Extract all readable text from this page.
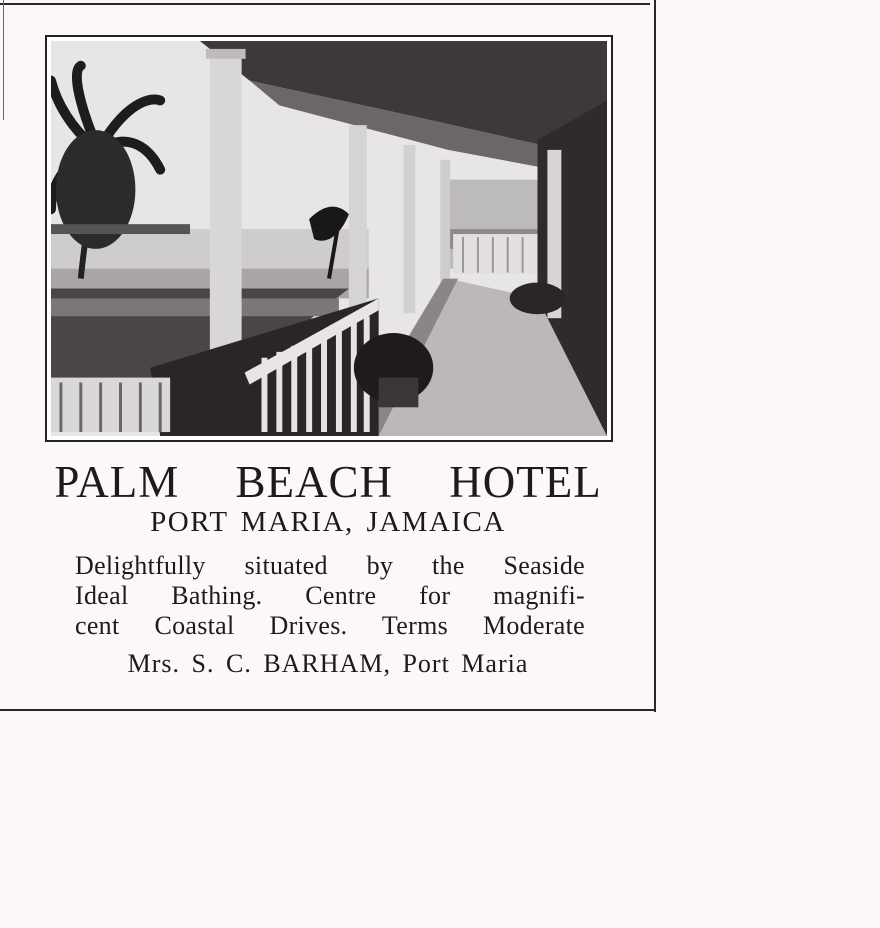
PALM BEACH HOTEL
PORT MARIA, JAMAICA
Delightfully situated by the Seaside
Ideal Bathing. Centre for magnifi-
cent Coastal Drives. Terms Moderate
Mrs. S. C. BARHAM, Port Maria
